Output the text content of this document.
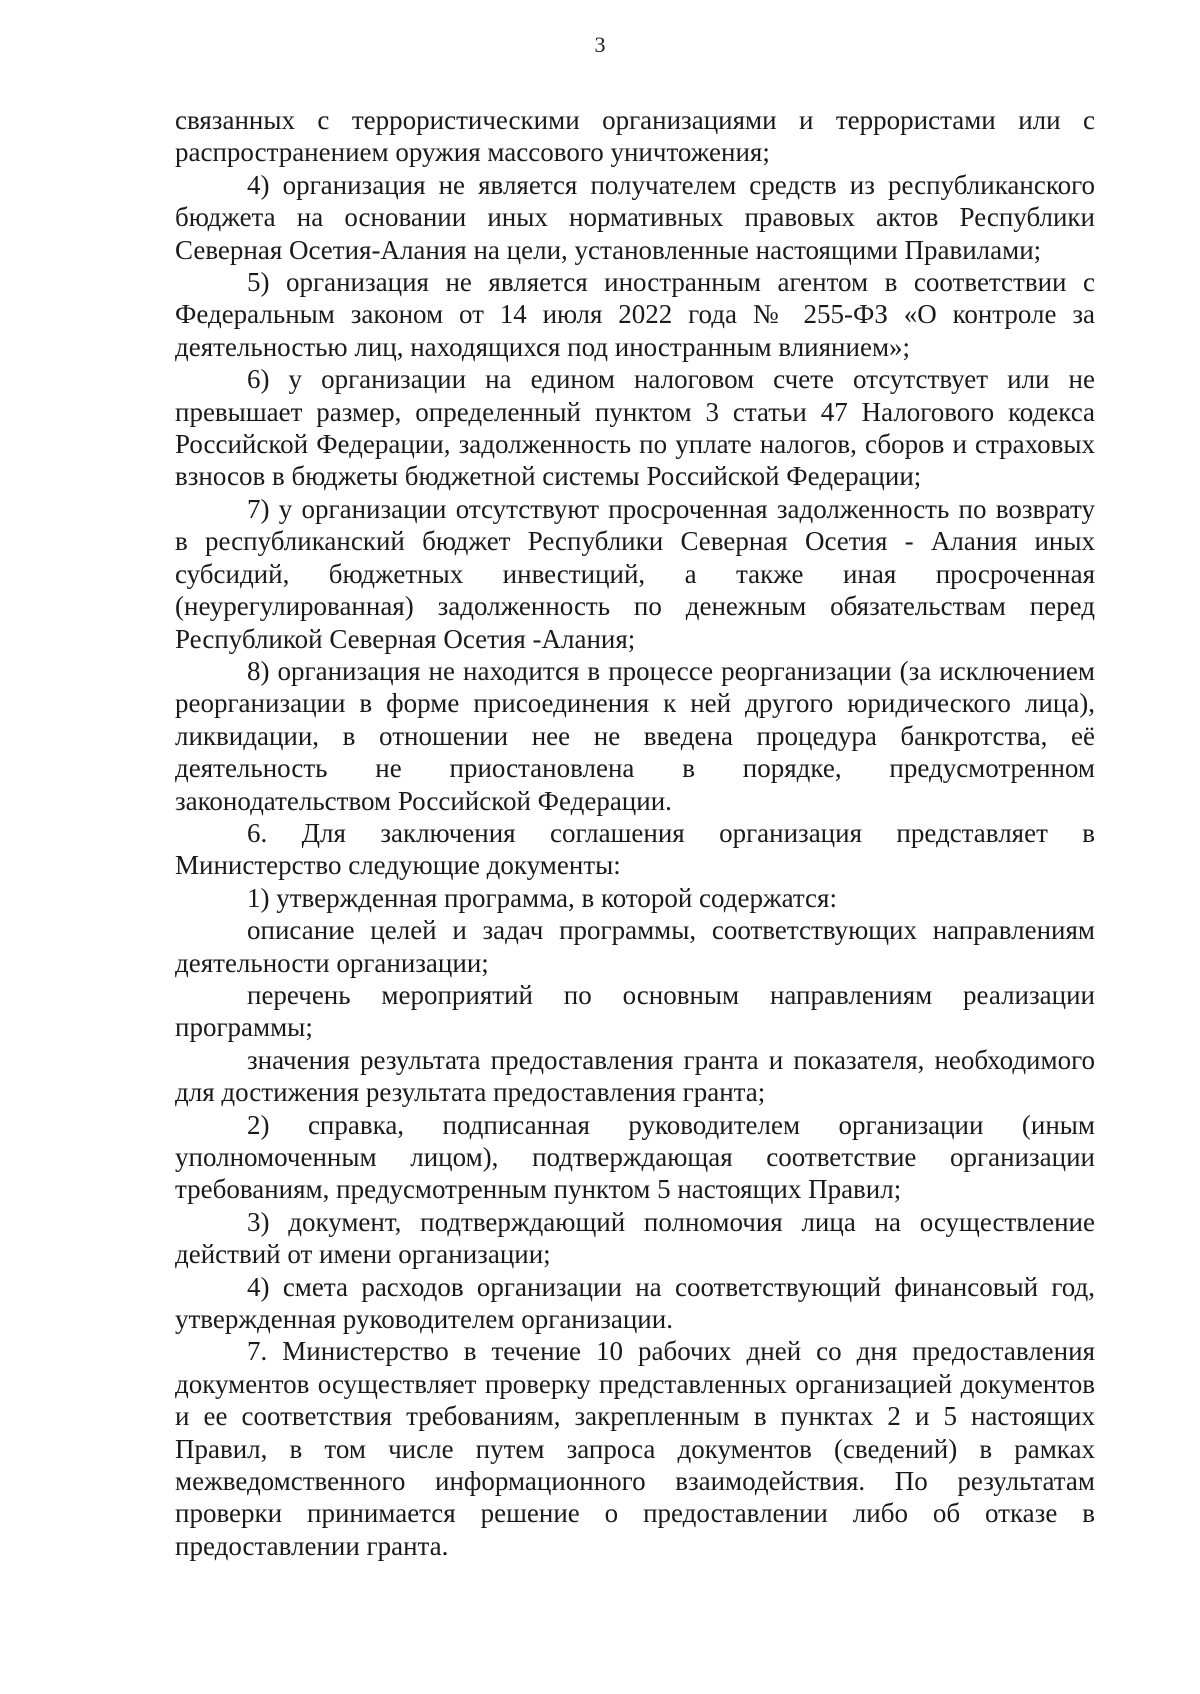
3

связанных с террористическими организациями и террористами или с распространением оружия массового уничтожения;

4) организация не является получателем средств из республиканского бюджета на основании иных нормативных правовых актов Республики Северная Осетия-Алания на цели, установленные настоящими Правилами;

5) организация не является иностранным агентом в соответствии с Федеральным законом от 14 июля 2022 года № 255-ФЗ «О контроле за деятельностью лиц, находящихся под иностранным влиянием»;

6) у организации на едином налоговом счете отсутствует или не превышает размер, определенный пунктом 3 статьи 47 Налогового кодекса Российской Федерации, задолженность по уплате налогов, сборов и страховых взносов в бюджеты бюджетной системы Российской Федерации;

7) у организации отсутствуют просроченная задолженность по возврату в республиканский бюджет Республики Северная Осетия - Алания иных субсидий, бюджетных инвестиций, а также иная просроченная (неурегулированная) задолженность по денежным обязательствам перед Республикой Северная Осетия -Алания;

8) организация не находится в процессе реорганизации (за исключением реорганизации в форме присоединения к ней другого юридического лица), ликвидации, в отношении нее не введена процедура банкротства, её деятельность не приостановлена в порядке, предусмотренном законодательством Российской Федерации.

6. Для заключения соглашения организация представляет в Министерство следующие документы:

1) утвержденная программа, в которой содержатся:

описание целей и задач программы, соответствующих направлениям деятельности организации;

перечень мероприятий по основным направлениям реализации программы;

значения результата предоставления гранта и показателя, необходимого для достижения результата предоставления гранта;

2) справка, подписанная руководителем организации (иным уполномоченным лицом), подтверждающая соответствие организации требованиям, предусмотренным пунктом 5 настоящих Правил;

3) документ, подтверждающий полномочия лица на осуществление действий от имени организации;

4) смета расходов организации на соответствующий финансовый год, утвержденная руководителем организации.

7. Министерство в течение 10 рабочих дней со дня предоставления документов осуществляет проверку представленных организацией документов и ее соответствия требованиям, закрепленным в пунктах 2 и 5 настоящих Правил, в том числе путем запроса документов (сведений) в рамках межведомственного информационного взаимодействия. По результатам проверки принимается решение о предоставлении либо об отказе в предоставлении гранта.
